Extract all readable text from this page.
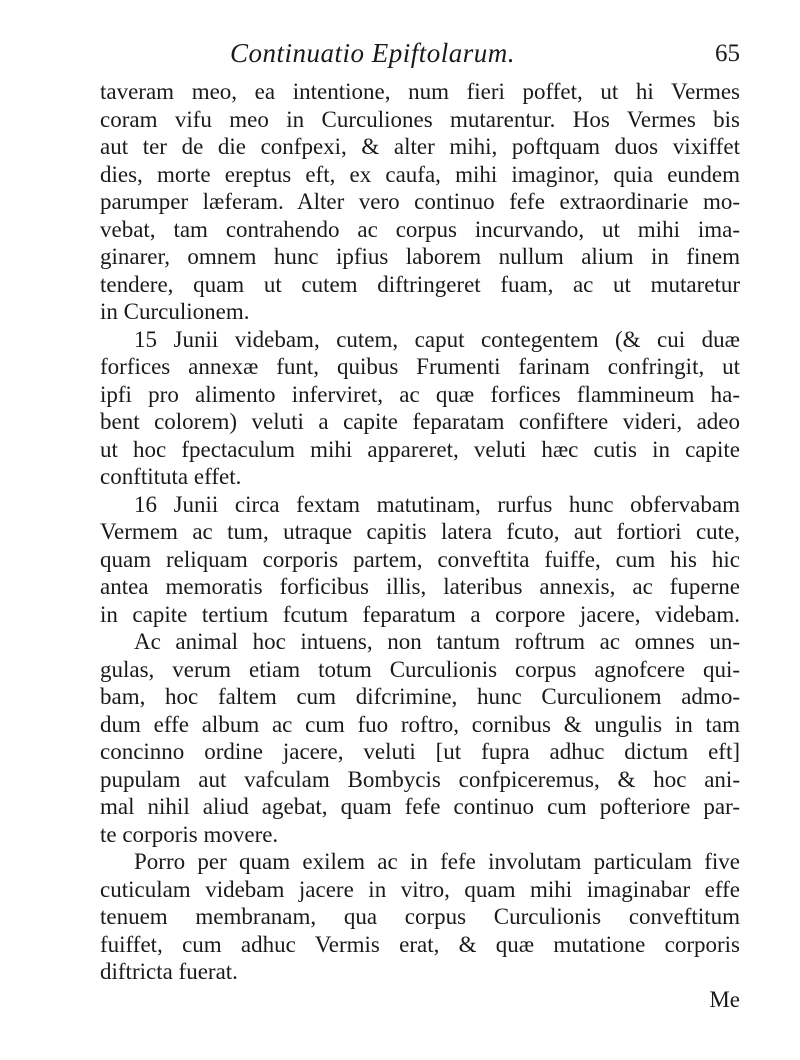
Continuatio Epiftolarum.	65
taveram meo, ea intentione, num fieri poffet, ut hi Vermes
coram vifu meo in Curculiones mutarentur. Hos Vermes bis
aut ter de die confpexi, & alter mihi, poftquam duos vixiffet
dies, morte ereptus eft, ex caufa, mihi imaginor, quia eundem
parumper læferam. Alter vero continuo fefe extraordinarie mo-
vebat, tam contrahendo ac corpus incurvando, ut mihi ima-
ginarer, omnem hunc ipfius laborem nullum alium in finem
tendere, quam ut cutem diftringeret fuam, ac ut mutaretur
in Curculionem.
15 Junii videbam, cutem, caput contegentem (& cui duæ
forfices annexæ funt, quibus Frumenti farinam confringit, ut
ipfi pro alimento inferviret, ac quæ forfices flammineum ha-
bent colorem) veluti a capite feparatam confiftere videri, adeo
ut hoc fpectaculum mihi appareret, veluti hæc cutis in capite
conftituta effet.
16 Junii circa fextam matutinam, rurfus hunc obfervabam
Vermem ac tum, utraque capitis latera fcuto, aut fortiori cute,
quam reliquam corporis partem, conveftita fuiffe, cum his hic
antea memoratis forficibus illis, lateribus annexis, ac fuperne
in capite tertium fcutum feparatum a corpore jacere, videbam.
Ac animal hoc intuens, non tantum roftrum ac omnes un-
gulas, verum etiam totum Curculionis corpus agnofcere qui-
bam, hoc faltem cum difcrimine, hunc Curculionem admo-
dum effe album ac cum fuo roftro, cornibus & ungulis in tam
concinno ordine jacere, veluti [ut fupra adhuc dictum eft]
pupulam aut vafculam Bombycis confpiceremus, & hoc ani-
mal nihil aliud agebat, quam fefe continuo cum pofteriore par-
te corporis movere.
Porro per quam exilem ac in fefe involutam particulam five
cuticulam videbam jacere in vitro, quam mihi imaginabar effe
tenuem membranam, qua corpus Curculionis conveftitum
fuiffet, cum adhuc Vermis erat, & quæ mutatione corporis
diftricta fuerat.
Me
